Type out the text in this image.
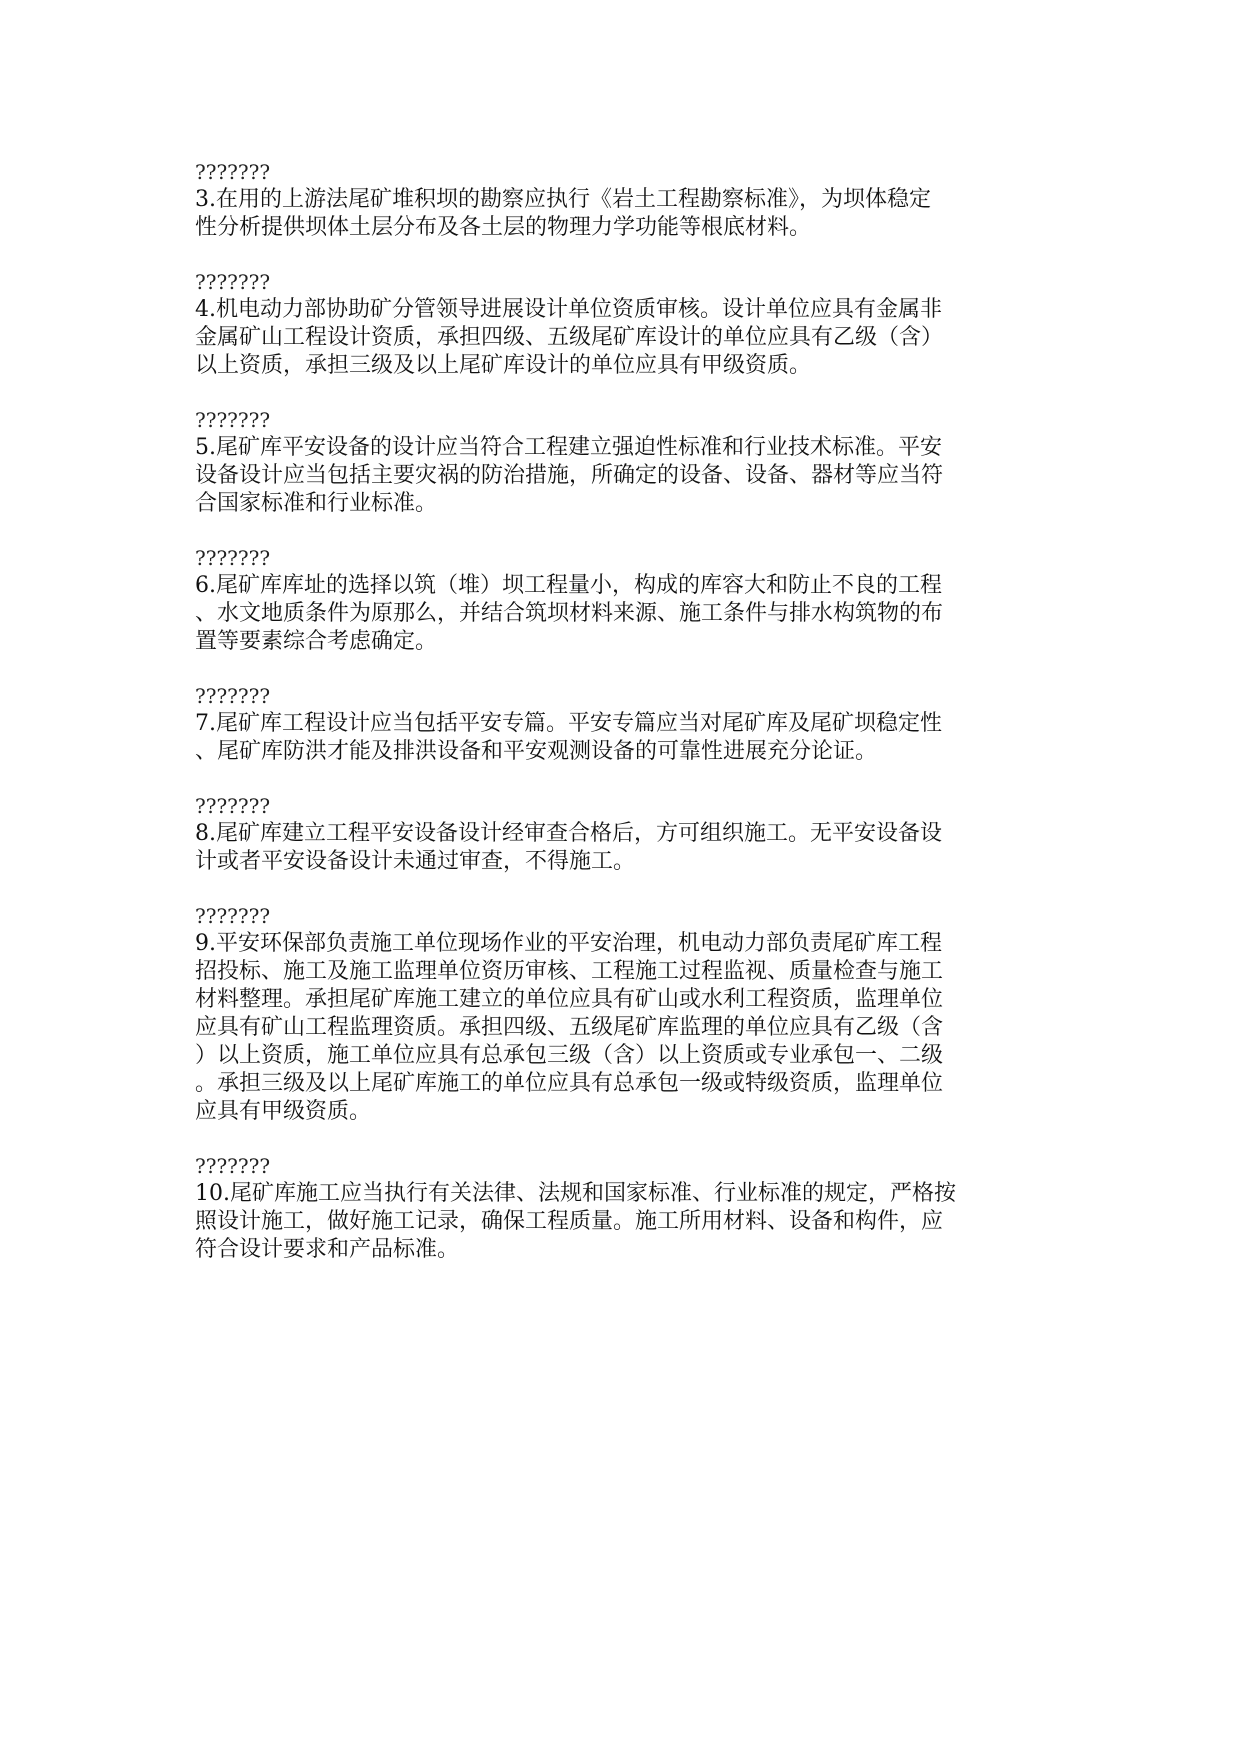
???????
3.在用的上游法尾矿堆积坝的勘察应执行《岩土工程勘察标准》，为坝体稳定
性分析提供坝体土层分布及各土层的物理力学功能等根底材料。
???????
4.机电动力部协助矿分管领导进展设计单位资质审核。设计单位应具有金属非
金属矿山工程设计资质，承担四级、五级尾矿库设计的单位应具有乙级（含）
以上资质，承担三级及以上尾矿库设计的单位应具有甲级资质。
???????
5.尾矿库平安设备的设计应当符合工程建立强迫性标准和行业技术标准。平安
设备设计应当包括主要灾祸的防治措施，所确定的设备、设备、器材等应当符
合国家标准和行业标准。
???????
6.尾矿库库址的选择以筑（堆）坝工程量小，构成的库容大和防止不良的工程
、水文地质条件为原那么，并结合筑坝材料来源、施工条件与排水构筑物的布
置等要素综合考虑确定。
???????
7.尾矿库工程设计应当包括平安专篇。平安专篇应当对尾矿库及尾矿坝稳定性
、尾矿库防洪才能及排洪设备和平安观测设备的可靠性进展充分论证。
???????
8.尾矿库建立工程平安设备设计经审查合格后，方可组织施工。无平安设备设
计或者平安设备设计未通过审查，不得施工。
???????
9.平安环保部负责施工单位现场作业的平安治理，机电动力部负责尾矿库工程
招投标、施工及施工监理单位资历审核、工程施工过程监视、质量检查与施工
材料整理。承担尾矿库施工建立的单位应具有矿山或水利工程资质，监理单位
应具有矿山工程监理资质。承担四级、五级尾矿库监理的单位应具有乙级（含
）以上资质，施工单位应具有总承包三级（含）以上资质或专业承包一、二级
。承担三级及以上尾矿库施工的单位应具有总承包一级或特级资质，监理单位
应具有甲级资质。
???????
10.尾矿库施工应当执行有关法律、法规和国家标准、行业标准的规定，严格按
照设计施工，做好施工记录，确保工程质量。施工所用材料、设备和构件，应
符合设计要求和产品标准。
